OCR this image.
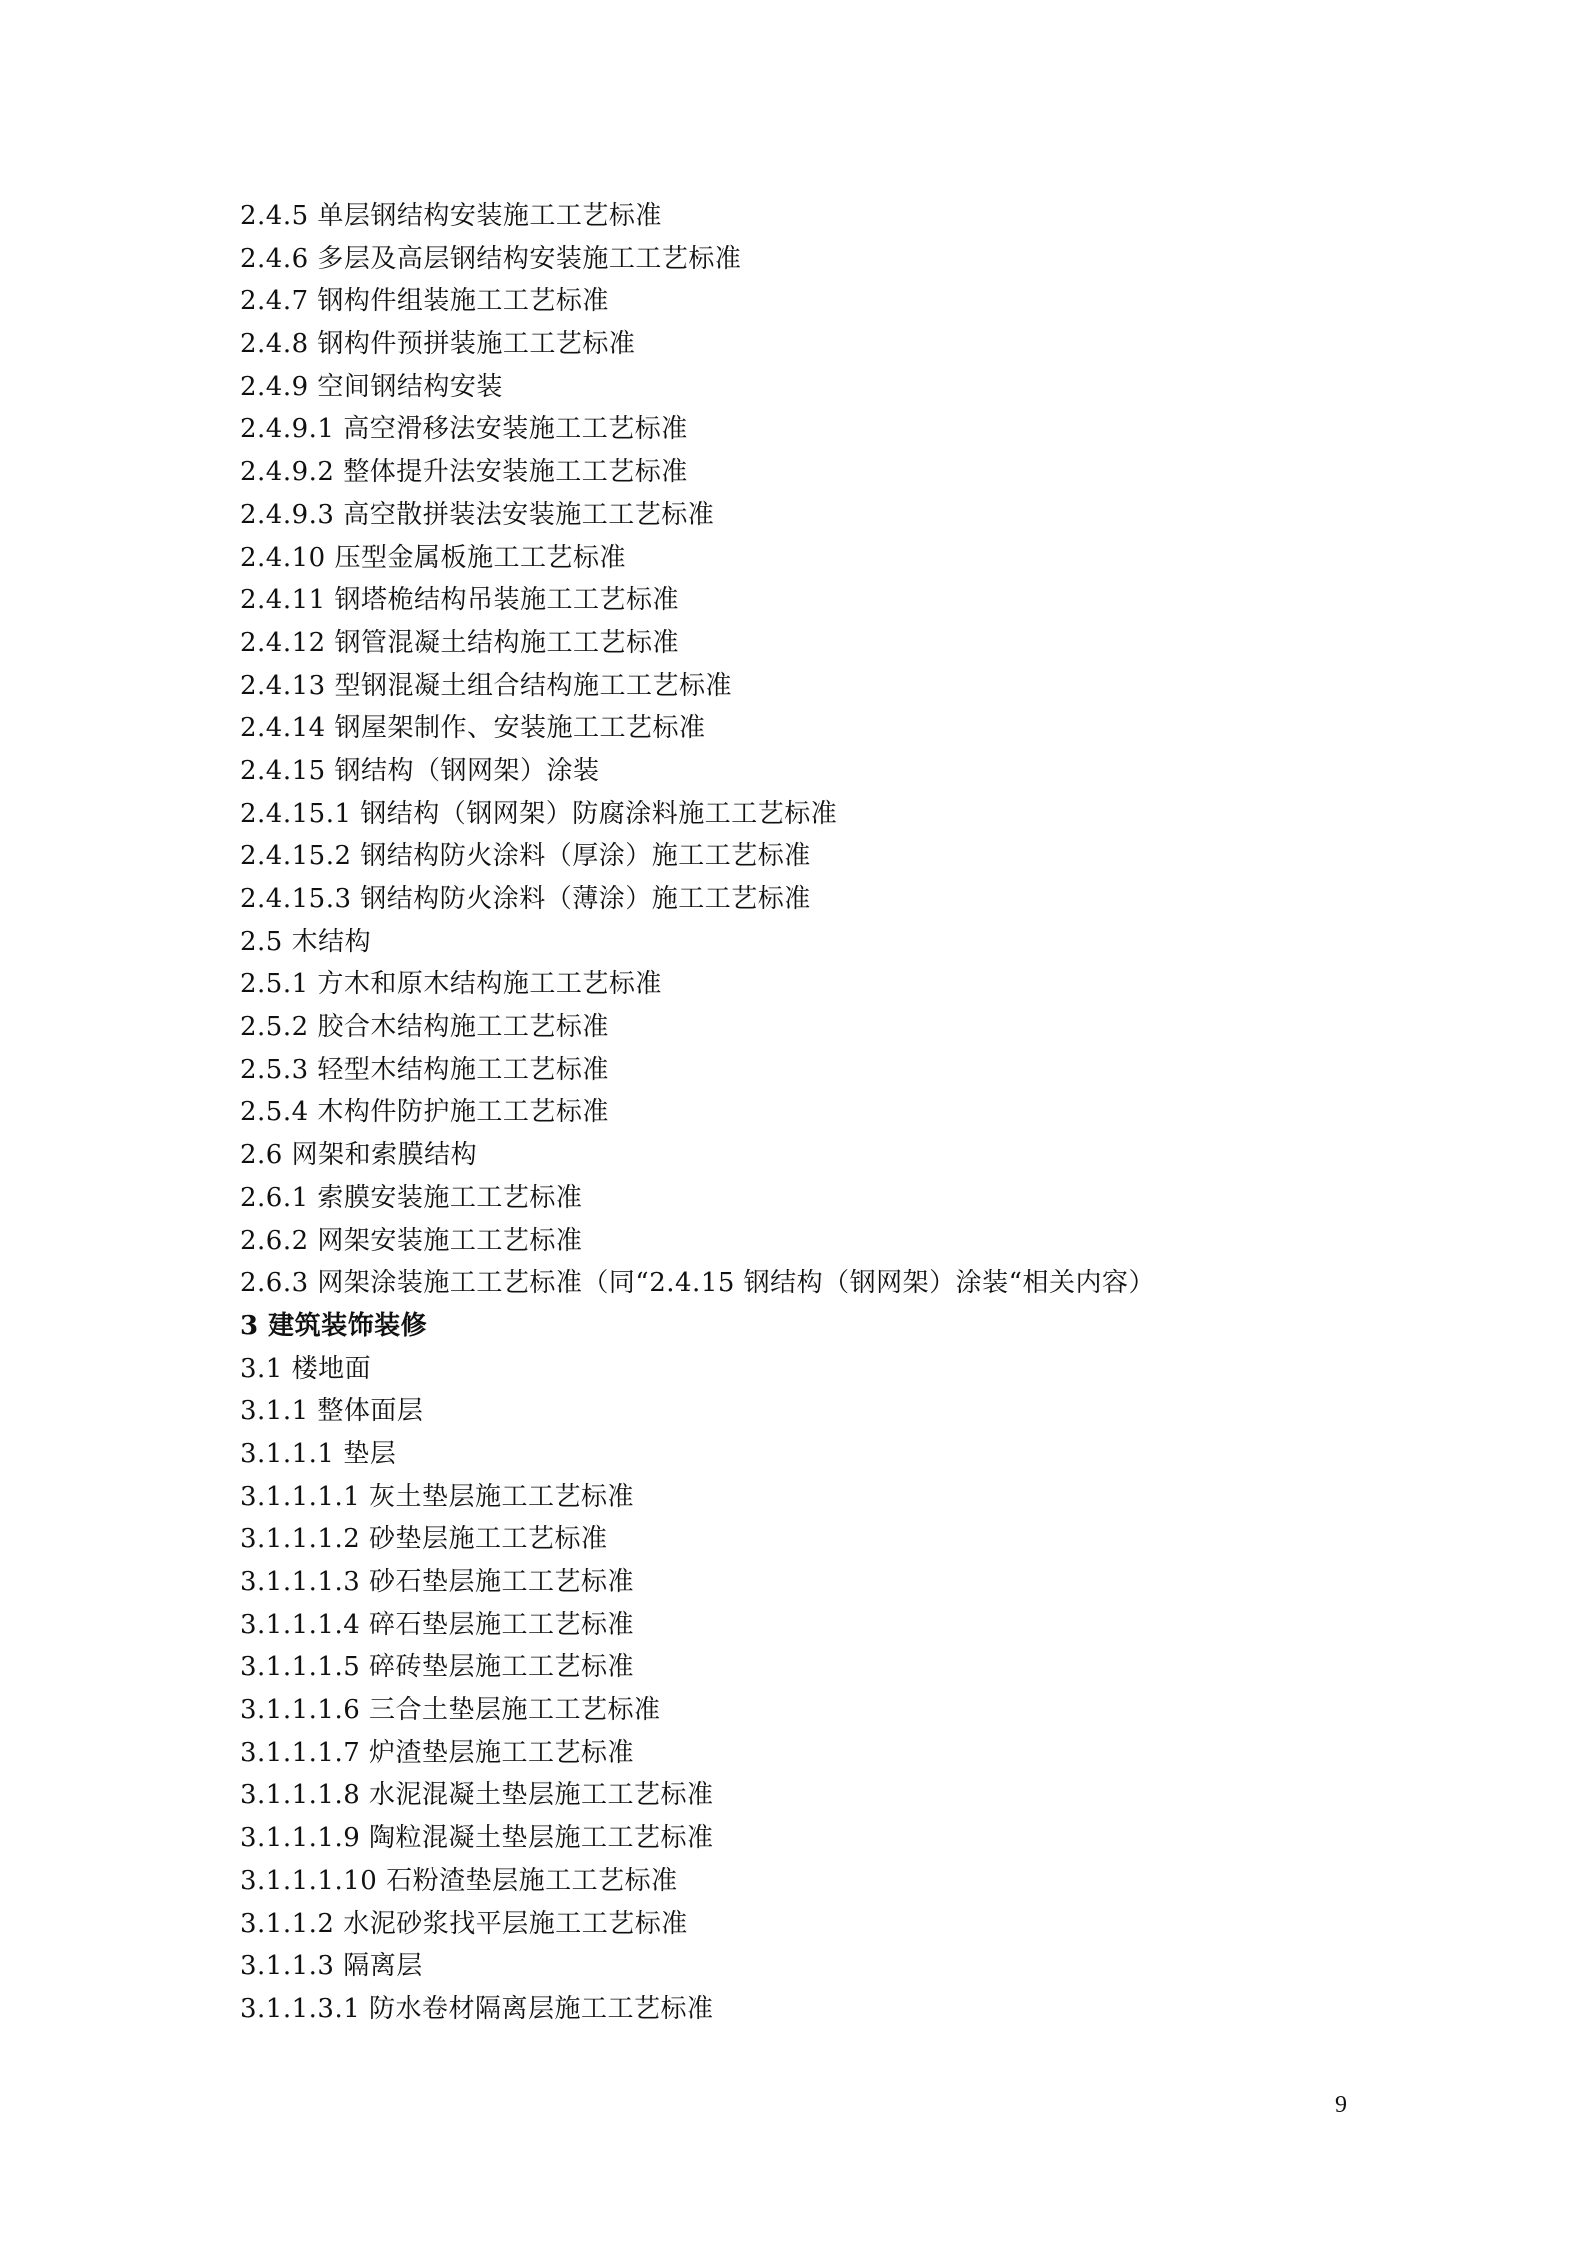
2.4.5 单层钢结构安装施工工艺标准
2.4.6 多层及高层钢结构安装施工工艺标准
2.4.7 钢构件组装施工工艺标准
2.4.8 钢构件预拼装施工工艺标准
2.4.9 空间钢结构安装
2.4.9.1 高空滑移法安装施工工艺标准
2.4.9.2 整体提升法安装施工工艺标准
2.4.9.3 高空散拼装法安装施工工艺标准
2.4.10 压型金属板施工工艺标准
2.4.11 钢塔桅结构吊装施工工艺标准
2.4.12 钢管混凝土结构施工工艺标准
2.4.13 型钢混凝土组合结构施工工艺标准
2.4.14 钢屋架制作、安装施工工艺标准
2.4.15 钢结构（钢网架）涂装
2.4.15.1 钢结构（钢网架）防腐涂料施工工艺标准
2.4.15.2 钢结构防火涂料（厚涂）施工工艺标准
2.4.15.3 钢结构防火涂料（薄涂）施工工艺标准
2.5 木结构
2.5.1 方木和原木结构施工工艺标准
2.5.2 胶合木结构施工工艺标准
2.5.3 轻型木结构施工工艺标准
2.5.4 木构件防护施工工艺标准
2.6 网架和索膜结构
2.6.1 索膜安装施工工艺标准
2.6.2 网架安装施工工艺标准
2.6.3 网架涂装施工工艺标准（同“2.4.15 钢结构（钢网架）涂装“相关内容）
3 建筑装饰装修
3.1 楼地面
3.1.1 整体面层
3.1.1.1 垫层
3.1.1.1.1 灰土垫层施工工艺标准
3.1.1.1.2 砂垫层施工工艺标准
3.1.1.1.3 砂石垫层施工工艺标准
3.1.1.1.4 碎石垫层施工工艺标准
3.1.1.1.5 碎砖垫层施工工艺标准
3.1.1.1.6 三合土垫层施工工艺标准
3.1.1.1.7 炉渣垫层施工工艺标准
3.1.1.1.8 水泥混凝土垫层施工工艺标准
3.1.1.1.9 陶粒混凝土垫层施工工艺标准
3.1.1.1.10 石粉渣垫层施工工艺标准
3.1.1.2 水泥砂浆找平层施工工艺标准
3.1.1.3 隔离层
3.1.1.3.1 防水卷材隔离层施工工艺标准
9
